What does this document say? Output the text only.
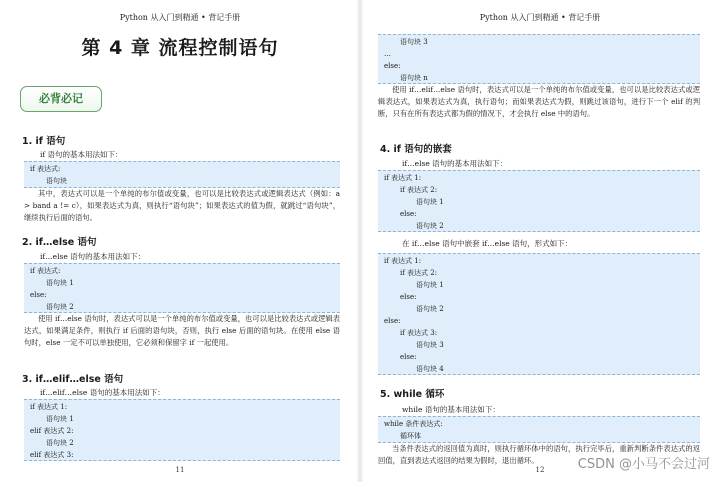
Python 从入门到精通 • 背记手册
第 4 章 流程控制语句
必背必记
1. if 语句
if 语句的基本用法如下：
if 表达式:
语句块

其中，表达式可以是一个单纯的布尔值或变量，也可以是比较表达式或逻辑表达式（例如：a > band a != c），如果表达式为真，则执行“语句块”；如果表达式的值为假，就跳过“语句块”，继续执行后面的语句。

2. if…else 语句
if…else 语句的基本用法如下：
if 表达式:
语句块 1
else:
语句块 2

使用 if…else 语句时，表达式可以是一个单纯的布尔值或变量，也可以是比较表达式或逻辑表达式，如果满足条件，则执行 if 后面的语句块，否则，执行 else 后面的语句块。在使用 else 语句时，else 一定不可以单独使用，它必须和保留字 if 一起使用。

3. if…elif…else 语句
if…elif…else 语句的基本用法如下：
if 表达式 1:
语句块 1
elif 表达式 2:
语句块 2
elif 表达式 3:
11
Python 从入门到精通 • 背记手册
语句块 3
…
else:
语句块 n

使用 if…elif…else 语句时，表达式可以是一个单纯的布尔值或变量，也可以是比较表达式或逻辑表达式，如果表达式为真，执行语句；而如果表达式为假，则跳过该语句，进行下一个 elif 的判断，只有在所有表达式都为假的情况下，才会执行 else 中的语句。

4. if 语句的嵌套
if…else 语句的基本用法如下：
if 表达式 1:
if 表达式 2:
语句块 1
else:
语句块 2
在 if…else 语句中嵌套 if…else 语句，形式如下：
if 表达式 1:
if 表达式 2:
语句块 1
else:
语句块 2
else:
if 表达式 3:
语句块 3
else:
语句块 4
5. while 循环
while 语句的基本用法如下：
while 条件表达式:
循环体

当条件表达式的返回值为真时，则执行循环体中的语句，执行完毕后，重新判断条件表达式的返回值，直到表达式返回的结果为假时，退出循环。

12	CSDN @小马不会过河
